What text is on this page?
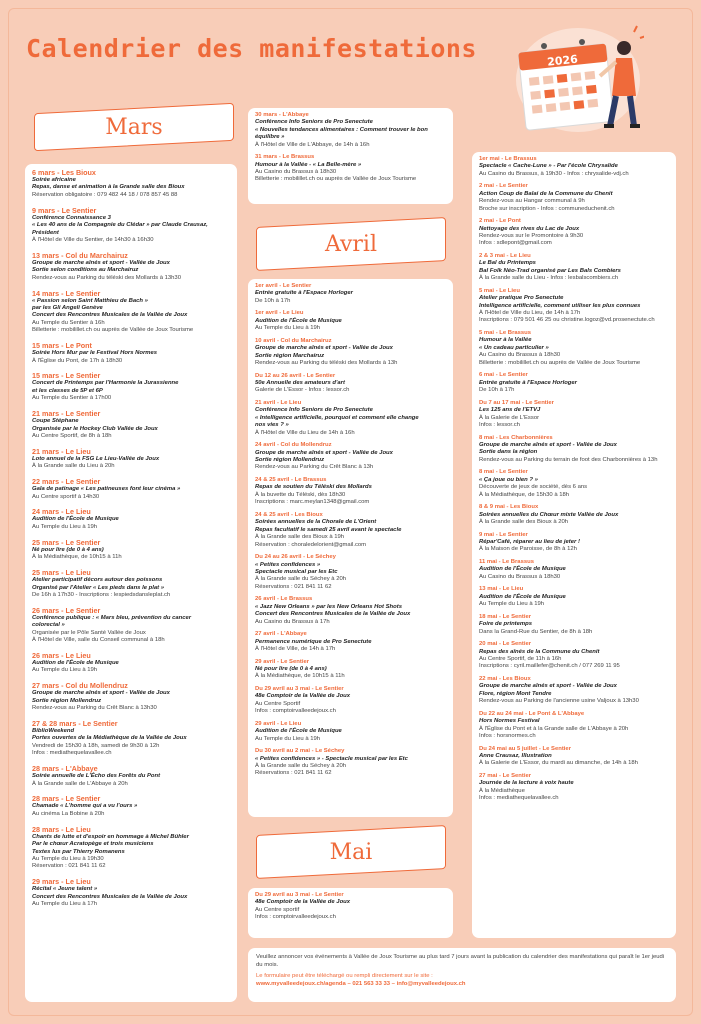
Calendrier des manifestations	2026
Mars
6 mars - Les Bioux
Soirée africaine
Repas, danse et animation à la Grande salle des Bioux
Réservation obligatoire : 079 482 44 18 / 078 857 45 88
9 mars - Le Sentier
Conférence Connaissance 3
« Les 40 ans de la Compagnie du Clédar » par Claude Crausaz,
Président
À l'Hôtel de Ville du Sentier, de 14h30 à 16h30
13 mars - Col du Marchairuz
Groupe de marche aînés et sport - Vallée de Joux
Sortie selon conditions au Marchairuz
Rendez-vous au Parking du téléski des Mollards à 13h30
14 mars - Le Sentier
« Passion selon Saint Matthieu de Bach »
par les Gli Angeli Genève
Concert des Rencontres Musicales de la Vallée de Joux
Au Temple du Sentier à 16h
Billetterie : mobilillet.ch ou auprès de Vallée de Joux Tourisme
15 mars - Le Pont
Soirée Hors Mur par le Festival Hors Normes
À l'Église du Pont, de 17h à 18h30
15 mars - Le Sentier
Concert de Printemps par l'Harmonie la Jurassienne
et les classes de 5P et 6P
Au Temple du Sentier à 17h00
21 mars - Le Sentier
Coupe Stéphane
Organisée par le Hockey Club Vallée de Joux
Au Centre Sportif, de 8h à 18h
21 mars - Le Lieu
Loto annuel de la FSG Le Lieu-Vallée de Joux
À la Grande salle du Lieu à 20h
22 mars - Le Sentier
Gala de patinage « Les patineuses font leur cinéma »
Au Centre sportif à 14h30
24 mars - Le Lieu
Audition de l'École de Musique
Au Temple du Lieu à 19h
25 mars - Le Sentier
Né pour lire (de 0 à 4 ans)
À la Médiathèque, de 10h15 à 11h
25 mars - Le Lieu
Atelier participatif décors autour des poissons
Organisé par l'Atelier « Les pieds dans le plat »
De 16h à 17h30 - Inscriptions : lespiedsdansleplat.ch
26 mars - Le Sentier
Conférence publique : « Mars bleu, prévention du cancer
colorectal »
Organisée par le Pôle Santé Vallée de Joux
À l'Hôtel de Ville, salle du Conseil communal à 18h
26 mars - Le Lieu
Audition de l'École de Musique
Au Temple du Lieu à 19h
27 mars - Col du Mollendruz
Groupe de marche aînés et sport - Vallée de Joux
Sortie région Mollendruz
Rendez-vous au Parking du Crêt Blanc à 13h30
27 & 28 mars - Le Sentier
BiblioWeekend
Portes ouvertes de la Médiathèque de la Vallée de Joux
Vendredi de 15h30 à 18h, samedi de 9h30 à 12h
Infos : mediathequelavallee.ch
28 mars - L'Abbaye
Soirée annuelle de L'Écho des Forêts du Pont
À la Grande salle de L'Abbaye à 20h
28 mars - Le Sentier
Chamade « L'homme qui a vu l'ours »
Au cinéma La Bobine à 20h
28 mars - Le Lieu
Chants de lutte et d'espoir en hommage à Michel Bühler
Par le chœur Acratopège et trois musiciens
Textes lus par Thierry Romanens
Au Temple du Lieu à 19h30
Réservation : 021 841 11 62
29 mars - Le Lieu
Récital « Jeune talent »
Concert des Rencontres Musicales de la Vallée de Joux
Au Temple du Lieu à 17h
30 mars - L'Abbaye
Conférence Info Seniors de Pro Senectute
« Nouvelles tendances alimentaires : Comment trouver le bon
équilibre »
À l'Hôtel de Ville de L'Abbaye, de 14h à 16h
31 mars - Le Brassus
Humour à la Vallée - « La Belle-mère »
Au Casino du Brassus à 18h30
Billetterie : mobilillet.ch ou auprès de Vallée de Joux Tourisme
Avril
1er avril - Le Sentier
Entrée gratuite à l'Espace Horloger
De 10h à 17h
1er avril - Le Lieu
Audition de l'École de Musique
Au Temple du Lieu à 19h
10 avril - Col du Marchairuz
Groupe de marche aînés et sport - Vallée de Joux
Sortie région Marchairuz
Rendez-vous au Parking du téléski des Mollards à 13h
Du 12 au 26 avril - Le Sentier
50e Annuelle des amateurs d'art
Galerie de L'Essor - Infos : lessor.ch
21 avril - Le Lieu
Conférence Info Seniors de Pro Senectute
« Intelligence artificielle, pourquoi et comment elle change
nos vies ? »
À l'Hôtel de Ville du Lieu de 14h à 16h
24 avril - Col du Mollendruz
Groupe de marche aînés et sport - Vallée de Joux
Sortie région Mollendruz
Rendez-vous au Parking du Crêt Blanc à 13h
24 & 25 avril - Le Brassus
Repas de soutien du Téléski des Mollards
À la buvette du Téléski, dès 18h30
Inscriptions : marc.meylan1348@gmail.com
24 & 25 avril - Les Bioux
Soirées annuelles de la Chorale de L'Orient
Repas facultatif le samedi 25 avril avant le spectacle
À la Grande salle des Bioux à 19h
Réservation : choraledelorient@gmail.com
Du 24 au 26 avril - Le Séchey
« Petites confidences »
Spectacle musical par les Etc
À la Grande salle du Séchey à 20h
Réservations : 021 841 11 62
26 avril - Le Brassus
« Jazz New Orleans » par les New Orleans Hot Shots
Concert des Rencontres Musicales de la Vallée de Joux
Au Casino du Brassus à 17h
27 avril - L'Abbaye
Permanence numérique de Pro Senectute
À l'Hôtel de Ville, de 14h à 17h
29 avril - Le Sentier
Né pour lire (de 0 à 4 ans)
À la Médiathèque, de 10h15 à 11h
Du 29 avril au 3 mai - Le Sentier
48e Comptoir de la Vallée de Joux
Au Centre Sportif
Infos : comptoirvalleedejoux.ch
29 avril - Le Lieu
Audition de l'École de Musique
Au Temple du Lieu à 19h
Du 30 avril au 2 mai - Le Séchey
« Petites confidences » - Spectacle musical par les Etc
À la Grande salle du Séchey à 20h
Réservations : 021 841 11 62
Mai
Du 29 avril au 3 mai - Le Sentier
48e Comptoir de la Vallée de Joux
Au Centre sportif
Infos : comptoirvalleedejoux.ch
1er mai - Le Brassus
Spectacle « Cache-Lune » - Par l'école Chrysalide
Au Casino du Brassus, à 19h30 - Infos : chrysalide-vdj.ch
2 mai - Le Sentier
Action Coup de Balai de la Commune du Chenit
Rendez-vous au Hangar communal à 9h
Broche sur inscription - Infos : communeduchenit.ch
2 mai - Le Pont
Nettoyage des rives du Lac de Joux
Rendez-vous sur le Promontoire à 9h30
Infos : sdlepont@gmail.com
2 & 3 mai - Le Lieu
Le Bal du Printemps
Bal Folk Néo-Trad organisé par Les Bals Combiers
À la Grande salle du Lieu - Infos : lesbalscombiers.ch
5 mai - Le Lieu
Atelier pratique Pro Senectute
Intelligence artificielle, comment utiliser les plus connues
À l'Hôtel de Ville du Lieu, de 14h à 17h
Inscriptions : 079 501 46 25 ou christine.logoz@vd.prosenectute.ch
5 mai - Le Brassus
Humour à la Vallée
« Un cadeau particulier »
Au Casino du Brassus à 18h30
Billetterie : mobilillet.ch ou auprès de Vallée de Joux Tourisme
6 mai - Le Sentier
Entrée gratuite à l'Espace Horloger
De 10h à 17h
Du 7 au 17 mai - Le Sentier
Les 125 ans de l'ETVJ
À la Galerie de L'Essor
Infos : lessor.ch
8 mai - Les Charbonnières
Groupe de marche aînés et sport - Vallée de Joux
Sortie dans la région
Rendez-vous au Parking du terrain de foot des Charbonnières à 13h
8 mai - Le Sentier
« Ça joue ou bien ? »
Découverte de jeux de société, dès 6 ans
À la Médiathèque, de 15h30 à 18h
8 & 9 mai - Les Bioux
Soirées annuelles du Chœur mixte Vallée de Joux
À la Grande salle des Bioux à 20h
9 mai - Le Sentier
Répar'Café, réparer au lieu de jeter !
À la Maison de Paroisse, de 8h à 12h
11 mai - Le Brassus
Audition de l'École de Musique
Au Casino du Brassus à 18h30
13 mai - Le Lieu
Audition de l'École de Musique
Au Temple du Lieu à 19h
18 mai - Le Sentier
Foire de printemps
Dans la Grand-Rue du Sentier, de 8h à 18h
20 mai - Le Sentier
Repas des aînés de la Commune du Chenit
Au Centre Sportif, de 11h à 16h
Inscriptions : cyril.maillefer@chenit.ch / 077 269 11 95
22 mai - Les Bioux
Groupe de marche aînés et sport - Vallée de Joux
Flore, région Mont Tendre
Rendez-vous au Parking de l'ancienne usine Valjoux à 13h30
Du 22 au 24 mai - Le Pont & L'Abbaye
Hors Normes Festival
À l'Église du Pont et à la Grande salle de L'Abbaye à 20h
Infos : horsnormes.ch
Du 24 mai au 5 juillet - Le Sentier
Anne Crausaz, Illustration
À la Galerie de L'Essor, du mardi au dimanche, de 14h à 18h
27 mai - Le Sentier
Journée de la lecture à voix haute
À la Médiathèque
Infos : mediathequelavallee.ch

Veuillez annoncer vos événements à Vallée de Joux Tourisme au plus tard 7 jours avant la publication du calendrier des manifestations qui paraît le 1er jeudi du mois.

Le formulaire peut être téléchargé ou rempli directement sur le site :

www.myvalleedejoux.ch/agenda – 021 563 33 33 – info@myvalleedejoux.ch
